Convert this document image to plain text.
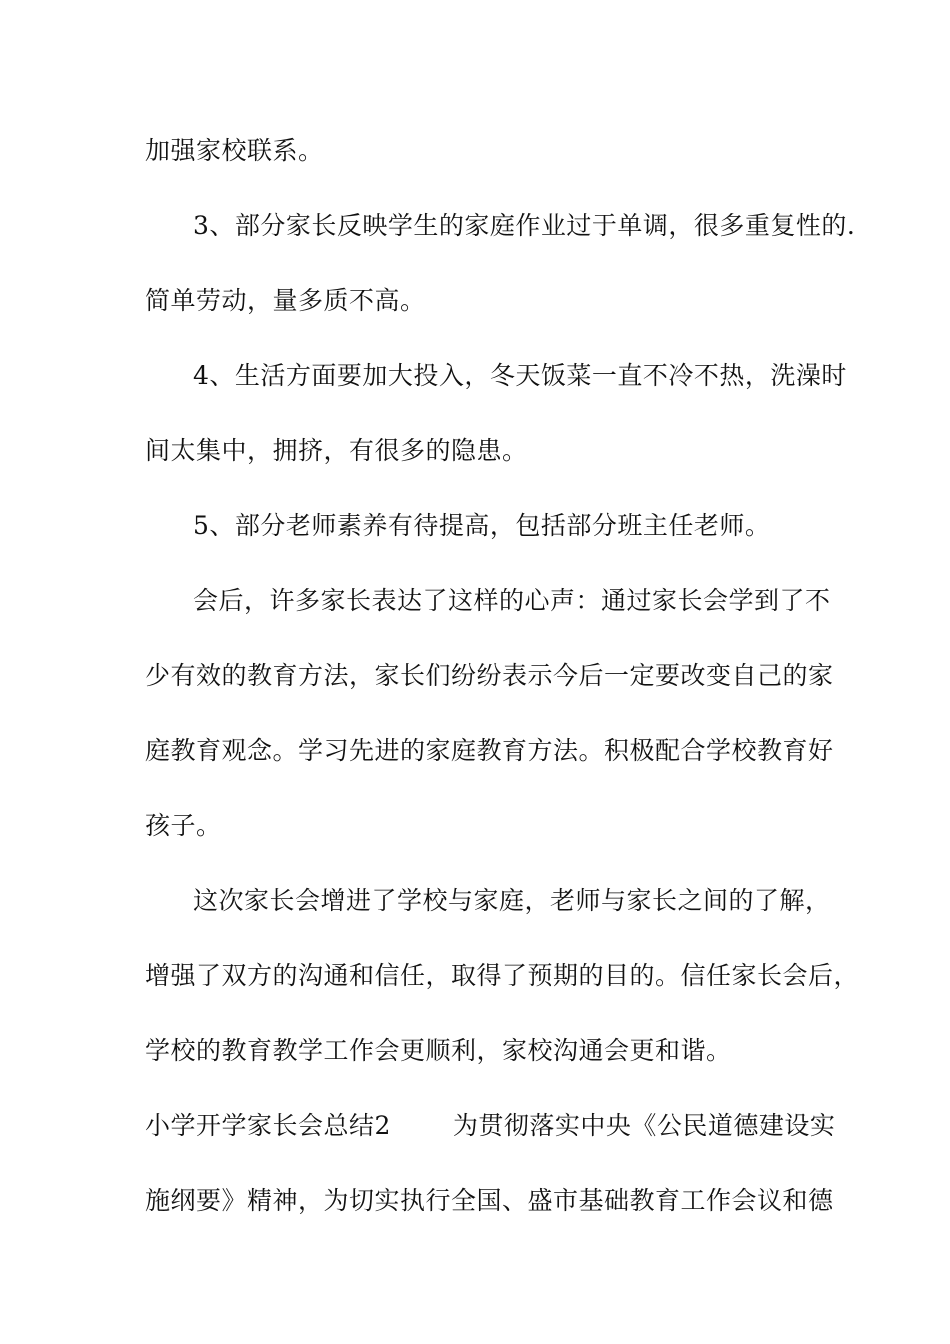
加强家校联系。
3、部分家长反映学生的家庭作业过于单调，很多重复性的.
简单劳动，量多质不高。
4、生活方面要加大投入，冬天饭菜一直不冷不热，洗澡时
间太集中，拥挤，有很多的隐患。
5、部分老师素养有待提高，包括部分班主任老师。
会后，许多家长表达了这样的心声：通过家长会学到了不
少有效的教育方法，家长们纷纷表示今后一定要改变自己的家
庭教育观念。学习先进的家庭教育方法。积极配合学校教育好
孩子。
这次家长会增进了学校与家庭，老师与家长之间的了解，
增强了双方的沟通和信任，取得了预期的目的。信任家长会后，
学校的教育教学工作会更顺利，家校沟通会更和谐。
小学开学家长会总结2 为贯彻落实中央《公民道德建设实
施纲要》精神，为切实执行全国、盛市基础教育工作会议和德
